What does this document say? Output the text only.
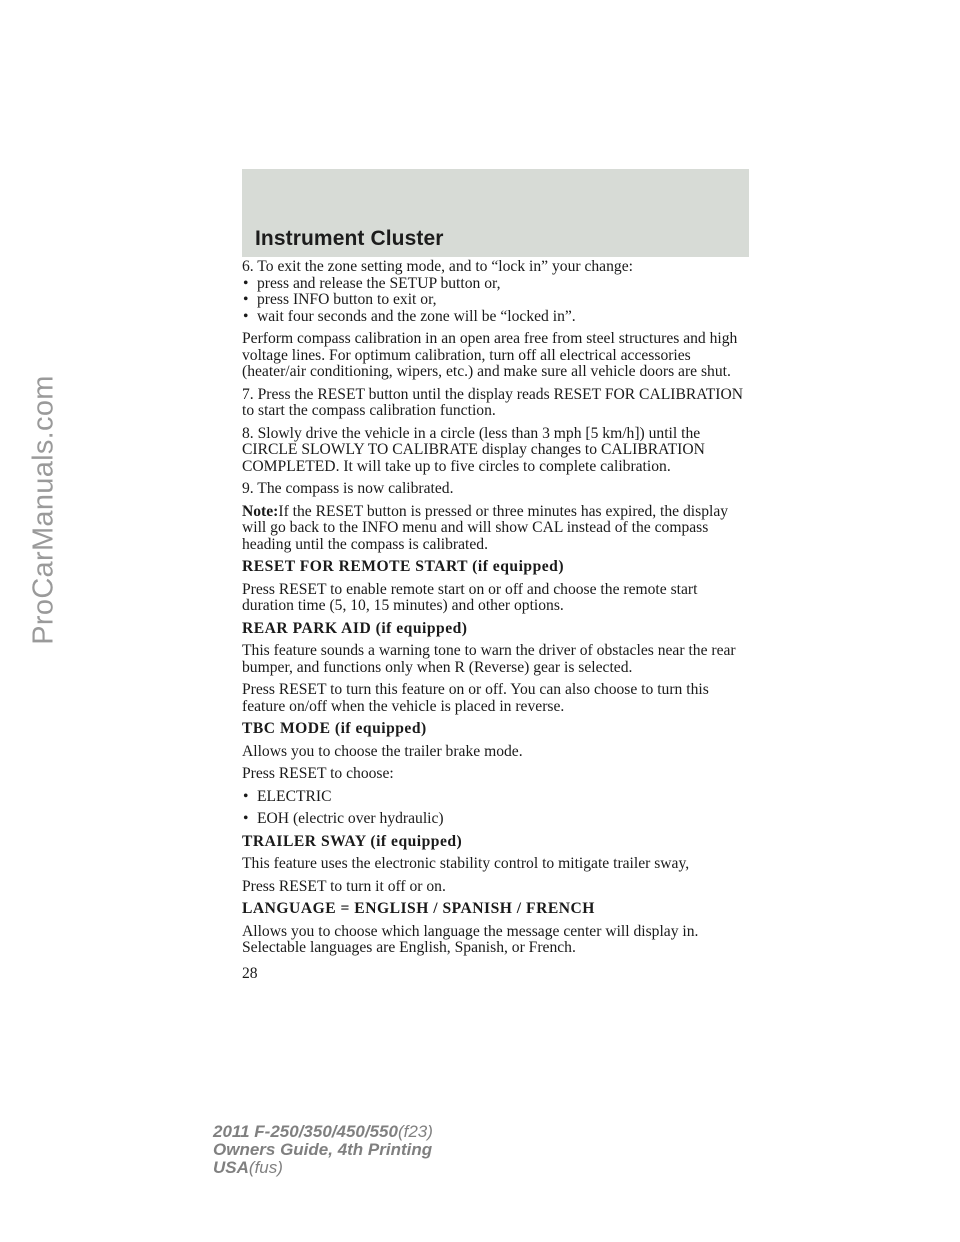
Instrument Cluster

6. To exit the zone setting mode, and to “lock in” your change:

• press and release the SETUP button or,
• press INFO button to exit or,
• wait four seconds and the zone will be “locked in”.

Perform compass calibration in an open area free from steel structures and high voltage lines. For optimum calibration, turn off all electrical accessories (heater/air conditioning, wipers, etc.) and make sure all vehicle doors are shut.

7. Press the RESET button until the display reads RESET FOR CALIBRATION to start the compass calibration function.

8. Slowly drive the vehicle in a circle (less than 3 mph [5 km/h]) until the CIRCLE SLOWLY TO CALIBRATE display changes to CALIBRATION COMPLETED. It will take up to five circles to complete calibration.

9. The compass is now calibrated.

Note:If the RESET button is pressed or three minutes has expired, the display will go back to the INFO menu and will show CAL instead of the compass heading until the compass is calibrated.

RESET FOR REMOTE START (if equipped)

Press RESET to enable remote start on or off and choose the remote start duration time (5, 10, 15 minutes) and other options.

REAR PARK AID (if equipped)

This feature sounds a warning tone to warn the driver of obstacles near the rear bumper, and functions only when R (Reverse) gear is selected.

Press RESET to turn this feature on or off. You can also choose to turn this feature on/off when the vehicle is placed in reverse.

TBC MODE (if equipped)

Allows you to choose the trailer brake mode.

Press RESET to choose:

• ELECTRIC

• EOH (electric over hydraulic)

TRAILER SWAY (if equipped)

This feature uses the electronic stability control to mitigate trailer sway,

Press RESET to turn it off or on.

LANGUAGE = ENGLISH / SPANISH / FRENCH

Allows you to choose which language the message center will display in. Selectable languages are English, Spanish, or French.

28
2011 F-250/350/450/550(f23)
Owners Guide, 4th Printing
USA(fus)
ProCarManuals.com
